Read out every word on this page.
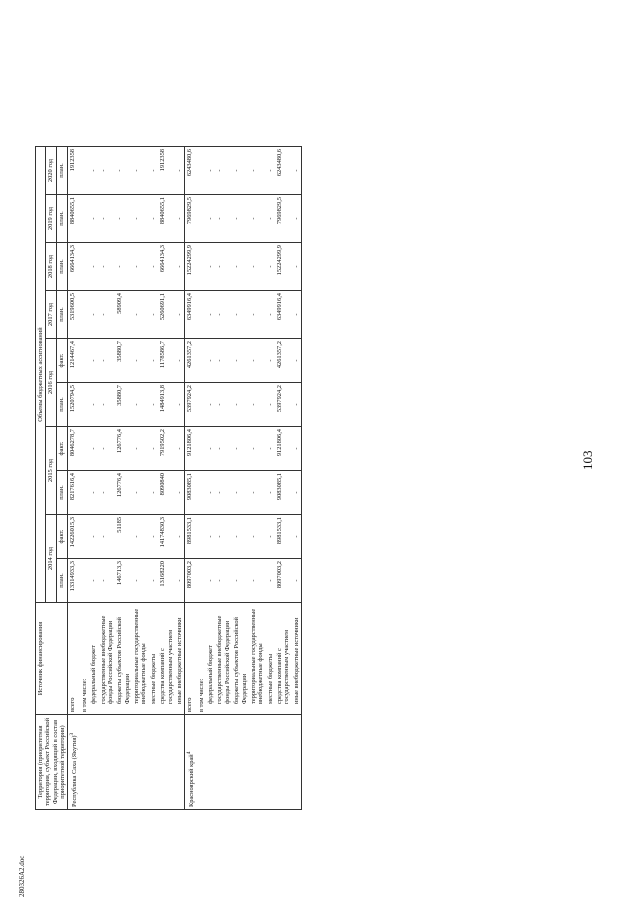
103
280326A2.doc
Территория (приоритетная территория, субъект Российской Федерации, входящий в состав приоритетной территории)	Источник финансирования	Объемы бюджетных ассигнований									
		2014 год		2015 год		2016 год		2017 год	2018 год	2019 год	2020 год
		план.	факт.	план.	факт.	план.	факт.	план.	план.	план.	план.

Республика Саха (Якутия)$^3$	всего	13314933,3	14226015,3	8217616,4	8046278,7	1520794,5	1214467,4	5319600,5	6664134,3	8840655,1	1912358
	в том числе:										
	федеральный бюджет	-	-	-	-	-	-	-	-	-	-
	государственные внебюджетные фонды Российской Федерации	-	-	-	-	-	-	-	-	-	-
	бюджеты субъектов Российской Федерации	146713,3	51185	126776,4	126776,4	35880,7	35880,7	58909,4	-	-	-
	территориальные государственные внебюджетные фонды	-	-	-	-	-	-	-	-	-	-
	местные бюджеты	-	-	-	-	-	-	-	-	-	-
	средства компаний с государственным участием	13168220	14174830,3	8090840	7919502,2	1484913,8	1178586,7	5260691,1	6664134,3	8840655,1	1912358
	иные внебюджетные источники	-	-	-	-	-	-	-	-	-	-
Красноярский край$^4$	всего	8097003,2	8981533,1	9083085,1	9121806,4	5397924,2	4261357,2	6349916,4	15224299,9	7969829,5	6243480,6
	в том числе:										
	федеральный бюджет	-	-	-	-	-	-	-	-	-	-
	государственные внебюджетные фонды Российской Федерации	-	-	-	-	-	-	-	-	-	-
	бюджеты субъектов Российской Федерации	-	-	-	-	-	-	-	-	-	-
	территориальные государственные внебюджетные фонды	-	-	-	-	-	-	-	-	-	-
	местные бюджеты	-	-	-	-	-	-	-	-	-	-
	средства компаний с государственным участием	8097003,2	8981533,1	9083085,1	9121806,4	5397924,2	4261357,2	6349916,4	15224299,9	7969829,5	6243480,6
	иные внебюджетные источники	-	-	-	-	-	-	-	-	-	-
